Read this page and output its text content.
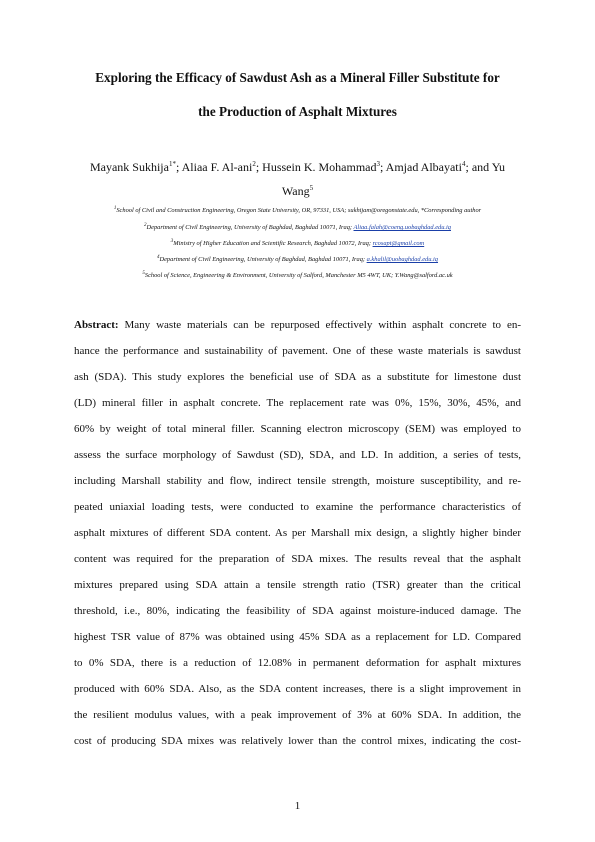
Exploring the Efficacy of Sawdust Ash as a Mineral Filler Substitute for
the Production of Asphalt Mixtures
Mayank Sukhija$^{1*}$; Aliaa F. Al-ani$^2$; Hussein K. Mohammad$^3$; Amjad Albayati$^4$; and Yu
Wang$^5$
$^1$School of Civil and Construction Engineering, Oregon State University, OR, 97331, USA; sukhijam@oregonstate.edu, *Corresponding author
$^2$Department of Civil Engineering, University of Baghdad, Baghdad 10071, Iraq; Aliaa.falah@coeng.uobaghdad.edu.iq
$^3$Ministry of Higher Education and Scientific Research, Baghdad 10072, Iraq; rcosapt@gmail.com
$^4$Department of Civil Engineering, University of Baghdad, Baghdad 10071, Iraq; a.khalil@uobaghdad.edu.iq
$^5$School of Science, Engineering & Environment, University of Salford, Manchester M5 4WT, UK; Y.Wang@salford.ac.uk
Abstract: Many waste materials can be repurposed effectively within asphalt concrete to en-
hance the performance and sustainability of pavement. One of these waste materials is sawdust
ash (SDA). This study explores the beneficial use of SDA as a substitute for limestone dust
(LD) mineral filler in asphalt concrete. The replacement rate was 0%, 15%, 30%, 45%, and
60% by weight of total mineral filler. Scanning electron microscopy (SEM) was employed to
assess the surface morphology of Sawdust (SD), SDA, and LD. In addition, a series of tests,
including Marshall stability and flow, indirect tensile strength, moisture susceptibility, and re-
peated uniaxial loading tests, were conducted to examine the performance characteristics of
asphalt mixtures of different SDA content. As per Marshall mix design, a slightly higher binder
content was required for the preparation of SDA mixes. The results reveal that the asphalt
mixtures prepared using SDA attain a tensile strength ratio (TSR) greater than the critical
threshold, i.e., 80%, indicating the feasibility of SDA against moisture-induced damage. The
highest TSR value of 87% was obtained using 45% SDA as a replacement for LD. Compared
to 0% SDA, there is a reduction of 12.08% in permanent deformation for asphalt mixtures
produced with 60% SDA. Also, as the SDA content increases, there is a slight improvement in
the resilient modulus values, with a peak improvement of 3% at 60% SDA. In addition, the
cost of producing SDA mixes was relatively lower than the control mixes, indicating the cost-
1
